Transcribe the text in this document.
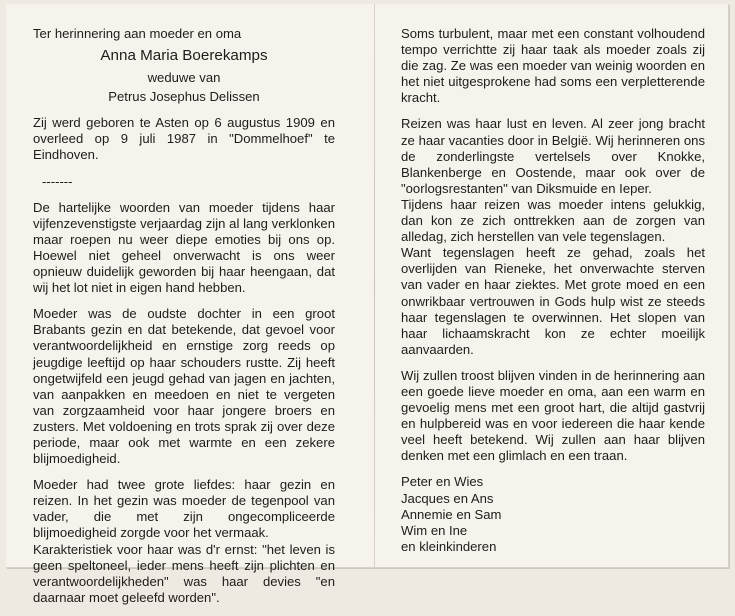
Ter herinnering aan moeder en oma

Anna Maria Boerekamps

weduwe van

Petrus Josephus Delissen

Zij werd geboren te Asten op 6 augustus 1909 en overleed op 9 juli 1987 in "Dommelhoef" te Eindhoven.

-------

De hartelijke woorden van moeder tijdens haar vijfenzevenstigste verjaardag zijn al lang verklonken maar roepen nu weer diepe emoties bij ons op. Hoewel niet geheel onverwacht is ons weer opnieuw duidelijk geworden bij haar heengaan, dat wij het lot niet in eigen hand hebben.

Moeder was de oudste dochter in een groot Brabants gezin en dat betekende, dat gevoel voor verantwoordelijkheid en ernstige zorg reeds op jeugdige leeftijd op haar schouders rustte. Zij heeft ongetwijfeld een jeugd gehad van jagen en jachten, van aanpakken en meedoen en niet te vergeten van zorgzaamheid voor haar jongere broers en zusters. Met voldoening en trots sprak zij over deze periode, maar ook met warmte en een zekere blijmoedigheid.

Moeder had twee grote liefdes: haar gezin en reizen. In het gezin was moeder de tegenpool van vader, die met zijn ongecompliceerde blijmoedigheid zorgde voor het vermaak.

Karakteristiek voor haar was d'r ernst: "het leven is geen speltoneel, ieder mens heeft zijn plichten en verantwoordelijkheden" was haar devies "en daarnaar moet geleefd worden".

Soms turbulent, maar met een constant volhoudend tempo verrichtte zij haar taak als moeder zoals zij die zag. Ze was een moeder van weinig woorden en het niet uitgesprokene had soms een verpletterende kracht.

Reizen was haar lust en leven. Al zeer jong bracht ze haar vacanties door in België. Wij herinneren ons de zonderlingste vertelsels over Knokke, Blankenberge en Oostende, maar ook over de "oorlogsrestanten" van Diksmuide en Ieper.

Tijdens haar reizen was moeder intens gelukkig, dan kon ze zich onttrekken aan de zorgen van alledag, zich herstellen van vele tegenslagen.

Want tegenslagen heeft ze gehad, zoals het overlijden van Rieneke, het onverwachte sterven van vader en haar ziektes. Met grote moed en een onwrikbaar vertrouwen in Gods hulp wist ze steeds haar tegenslagen te overwinnen. Het slopen van haar lichaamskracht kon ze echter moeilijk aanvaarden.

Wij zullen troost blijven vinden in de herinnering aan een goede lieve moeder en oma, aan een warm en gevoelig mens met een groot hart, die altijd gastvrij en hulpbereid was en voor iedereen die haar kende veel heeft betekend. Wij zullen aan haar blijven denken met een glimlach en een traan.

Peter en Wies

Jacques en Ans

Annemie en Sam

Wim en Ine

en kleinkinderen
